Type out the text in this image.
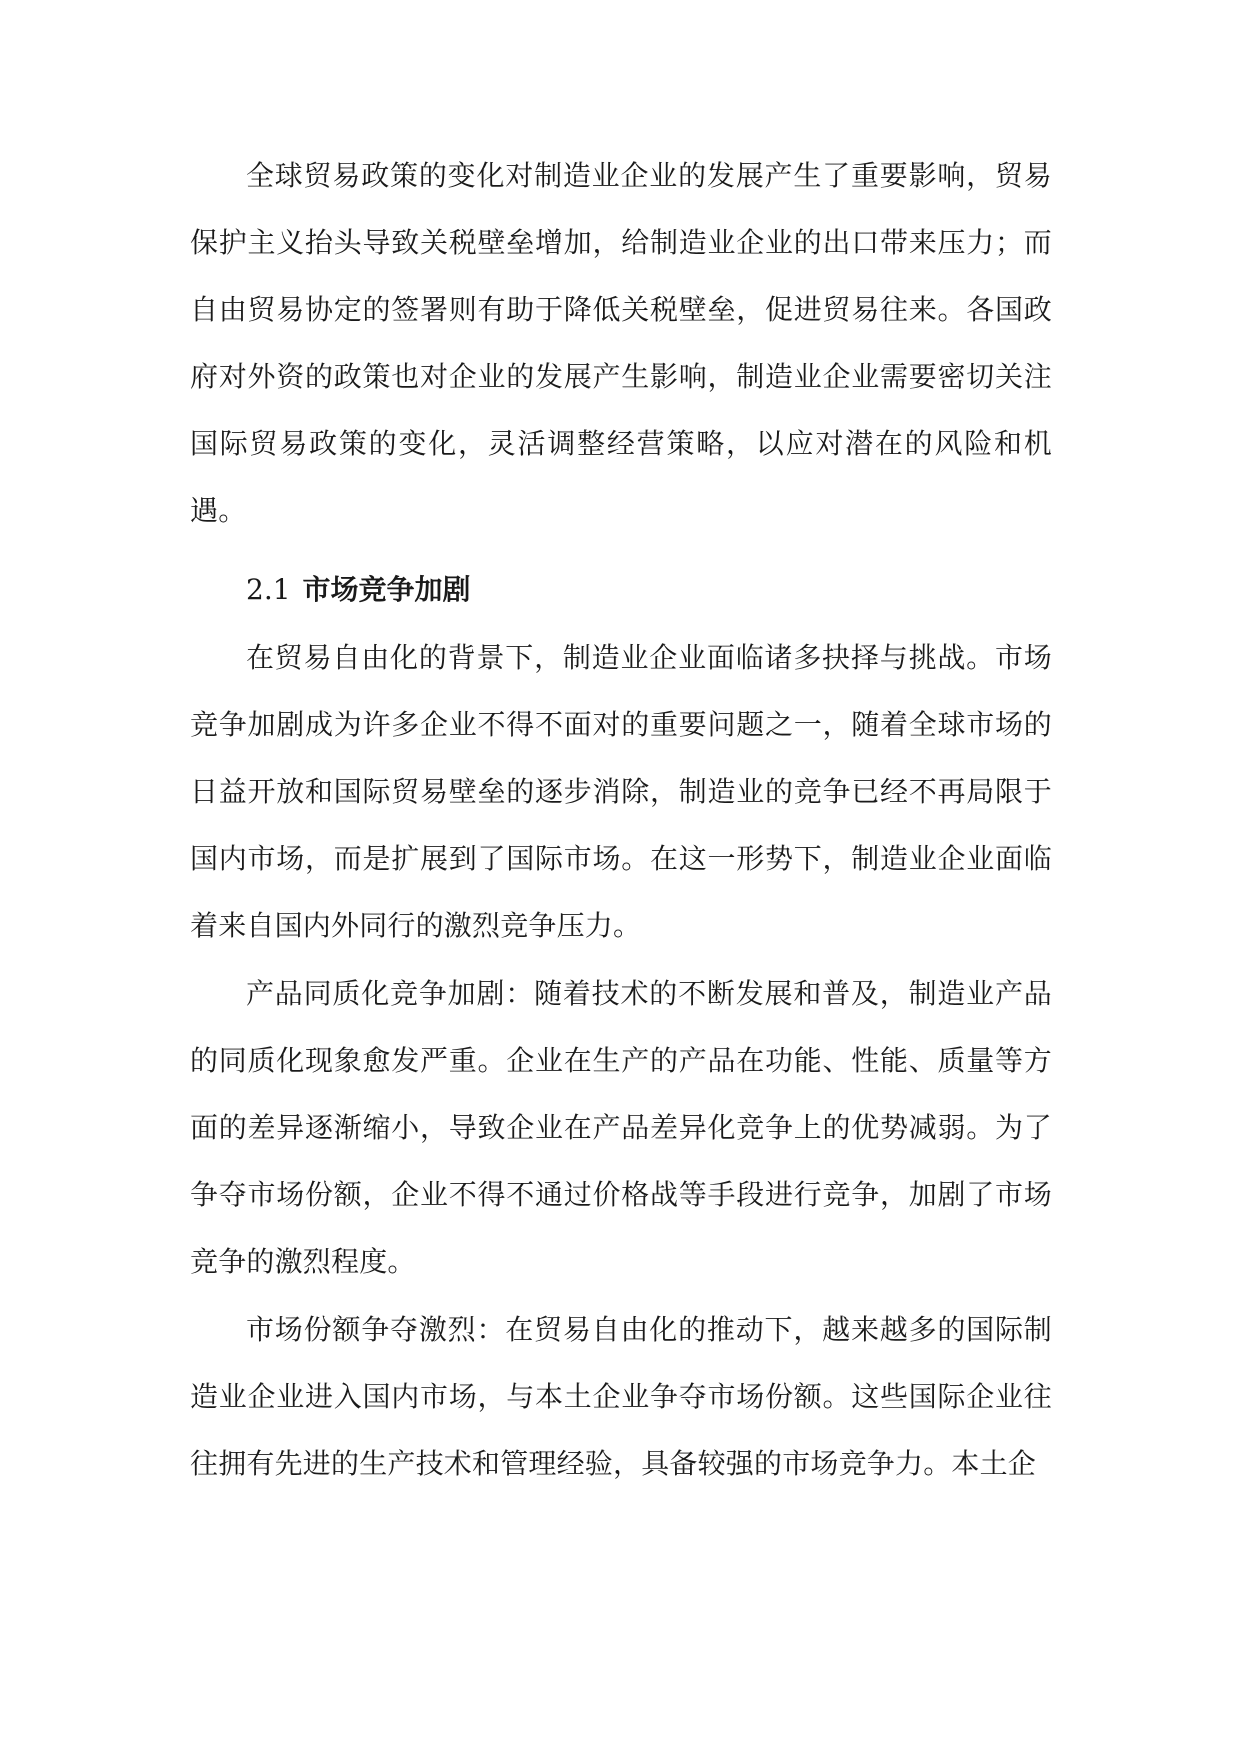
全球贸易政策的变化对制造业企业的发展产生了重要影响，贸易保护主义抬头导致关税壁垒增加，给制造业企业的出口带来压力；而自由贸易协定的签署则有助于降低关税壁垒，促进贸易往来。各国政府对外资的政策也对企业的发展产生影响，制造业企业需要密切关注国际贸易政策的变化，灵活调整经营策略，以应对潜在的风险和机遇。

2.1 市场竞争加剧

在贸易自由化的背景下，制造业企业面临诸多抉择与挑战。市场竞争加剧成为许多企业不得不面对的重要问题之一，随着全球市场的日益开放和国际贸易壁垒的逐步消除，制造业的竞争已经不再局限于国内市场，而是扩展到了国际市场。在这一形势下，制造业企业面临着来自国内外同行的激烈竞争压力。

产品同质化竞争加剧：随着技术的不断发展和普及，制造业产品的同质化现象愈发严重。企业在生产的产品在功能、性能、质量等方面的差异逐渐缩小，导致企业在产品差异化竞争上的优势减弱。为了争夺市场份额，企业不得不通过价格战等手段进行竞争，加剧了市场竞争的激烈程度。

市场份额争夺激烈：在贸易自由化的推动下，越来越多的国际制造业企业进入国内市场，与本土企业争夺市场份额。这些国际企业往往拥有先进的生产技术和管理经验，具备较强的市场竞争力。本土企
